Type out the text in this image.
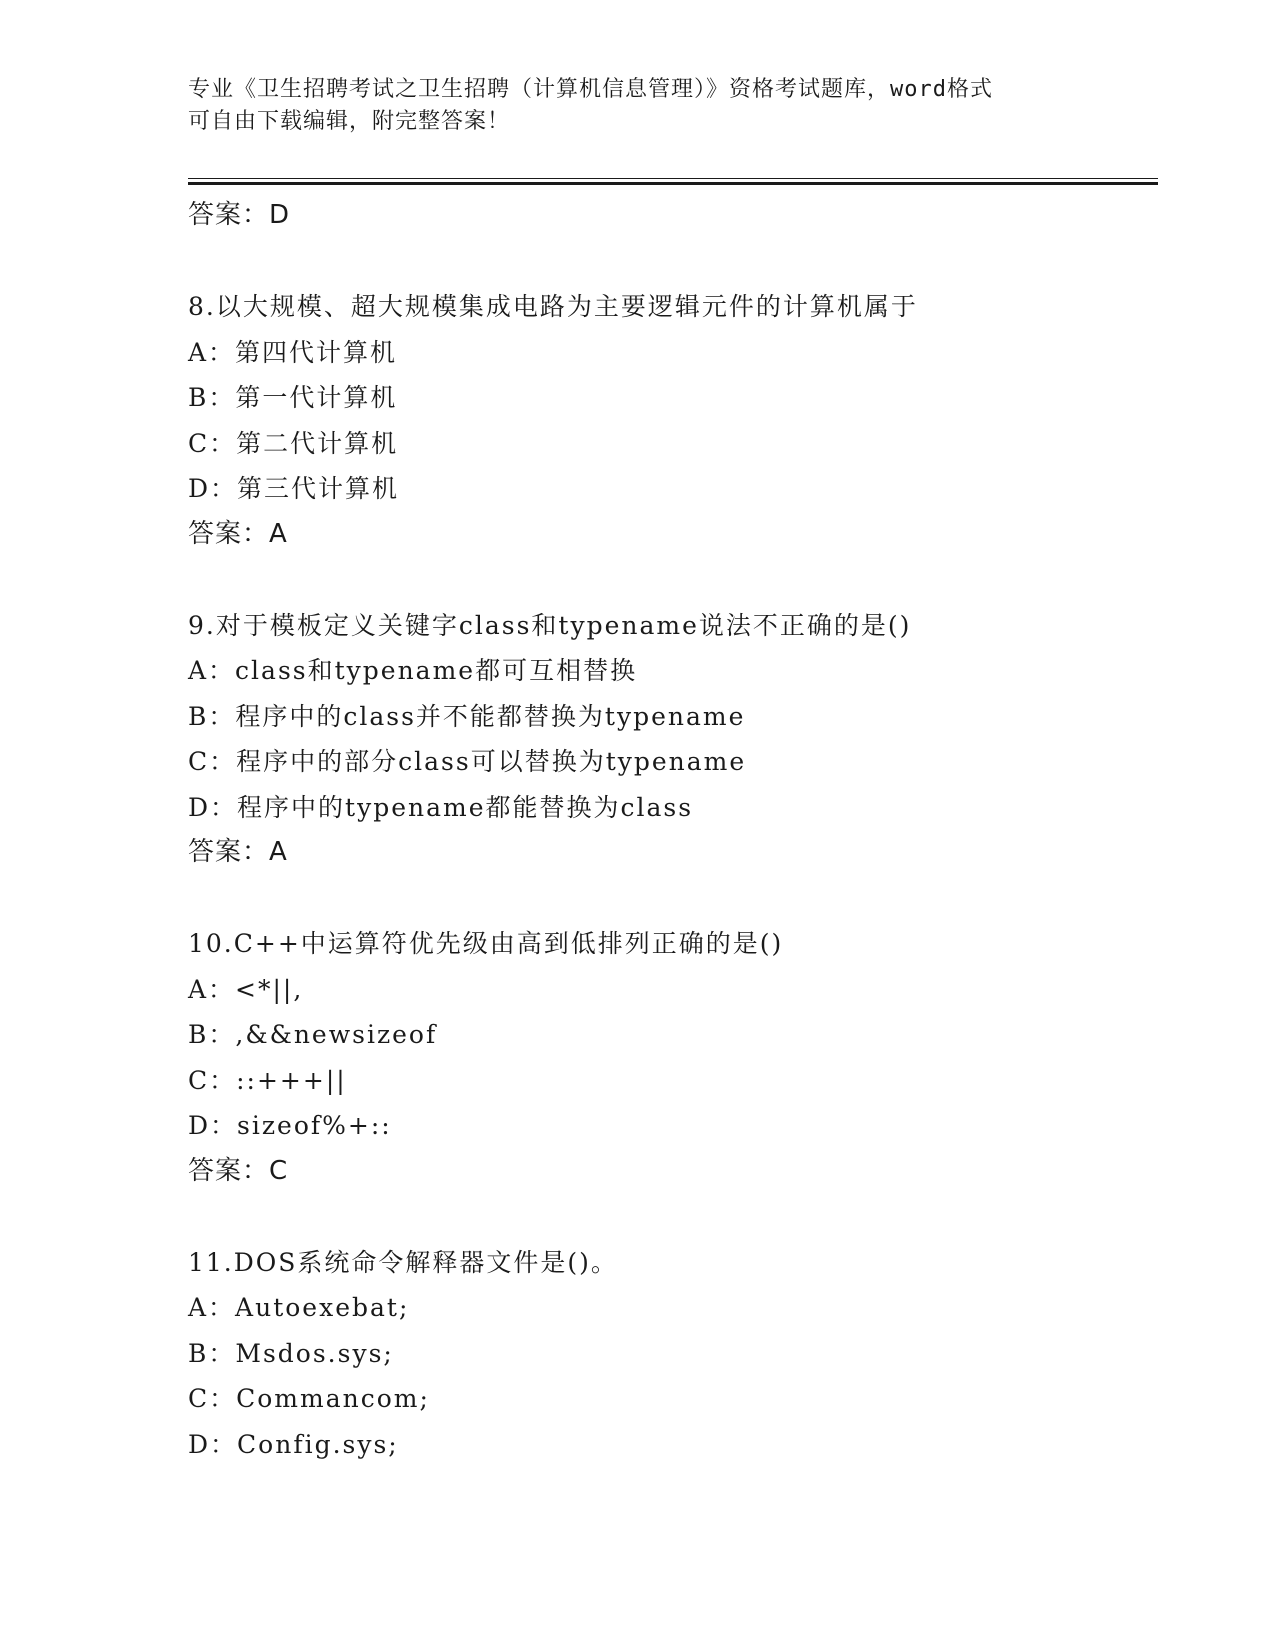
专业《卫生招聘考试之卫生招聘（计算机信息管理）》资格考试题库，word格式
可自由下载编辑，附完整答案！
答案：D
8.以大规模、超大规模集成电路为主要逻辑元件的计算机属于
A：第四代计算机
B：第一代计算机
C：第二代计算机
D：第三代计算机
答案：A
9.对于模板定义关键字class和typename说法不正确的是()
A：class和typename都可互相替换
B：程序中的class并不能都替换为typename
C：程序中的部分class可以替换为typename
D：程序中的typename都能替换为class
答案：A
10.C++中运算符优先级由高到低排列正确的是()
A：<*||,
B：,&&newsizeof
C：::+++||
D：sizeof%+::
答案：C
11.DOS系统命令解释器文件是()。
A：Autoexebat;
B：Msdos.sys;
C：Commancom;
D：Config.sys;
